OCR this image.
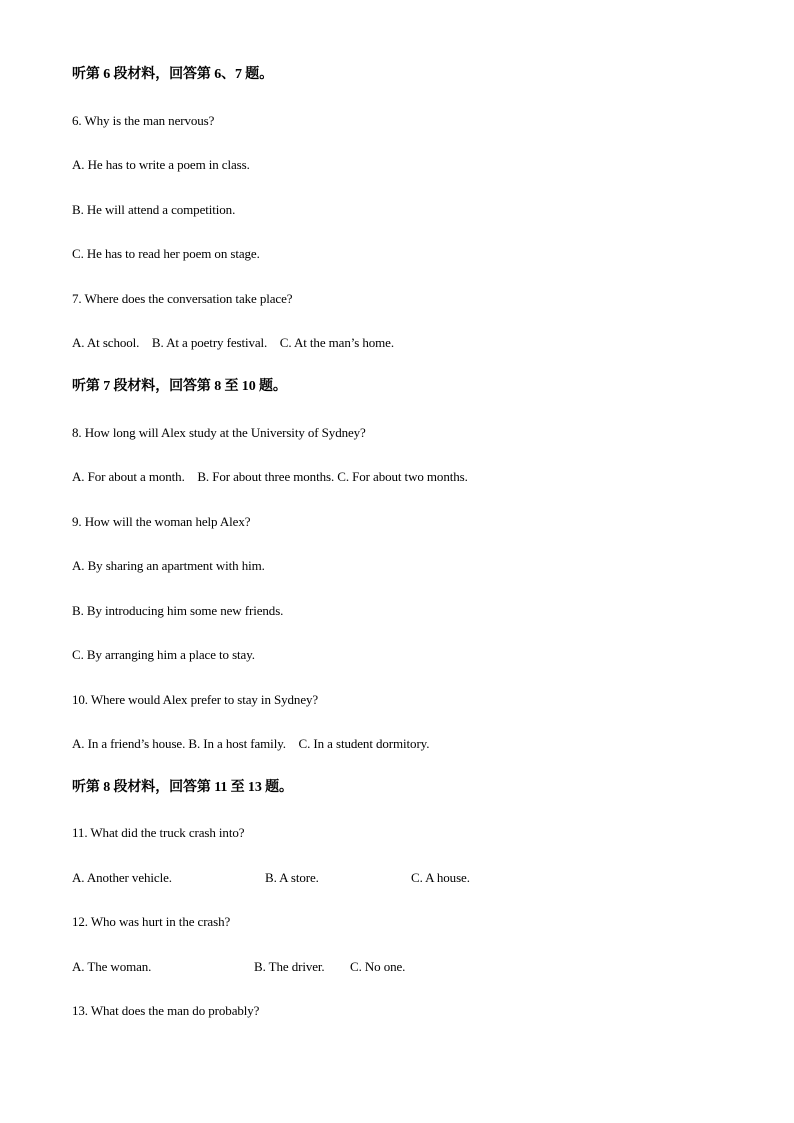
听第 6 段材料，回答第 6、7 题。
6. Why is the man nervous?
A. He has to write a poem in class.
B. He will attend a competition.
C. He has to read her poem on stage.
7. Where does the conversation take place?
A. At school.    B. At a poetry festival.    C. At the man’s home.
听第 7 段材料，回答第 8 至 10 题。
8. How long will Alex study at the University of Sydney?
A. For about a month.    B. For about three months. C. For about two months.
9. How will the woman help Alex?
A. By sharing an apartment with him.
B. By introducing him some new friends.
C. By arranging him a place to stay.
10. Where would Alex prefer to stay in Sydney?
A. In a friend’s house. B. In a host family.    C. In a student dormitory.
听第 8 段材料，回答第 11 至 13 题。
11. What did the truck crash into?
A. Another vehicle.	B. A store.	C. A house.
12. Who was hurt in the crash?
A. The woman.	B. The driver. C. No one.
13. What does the man do probably?
